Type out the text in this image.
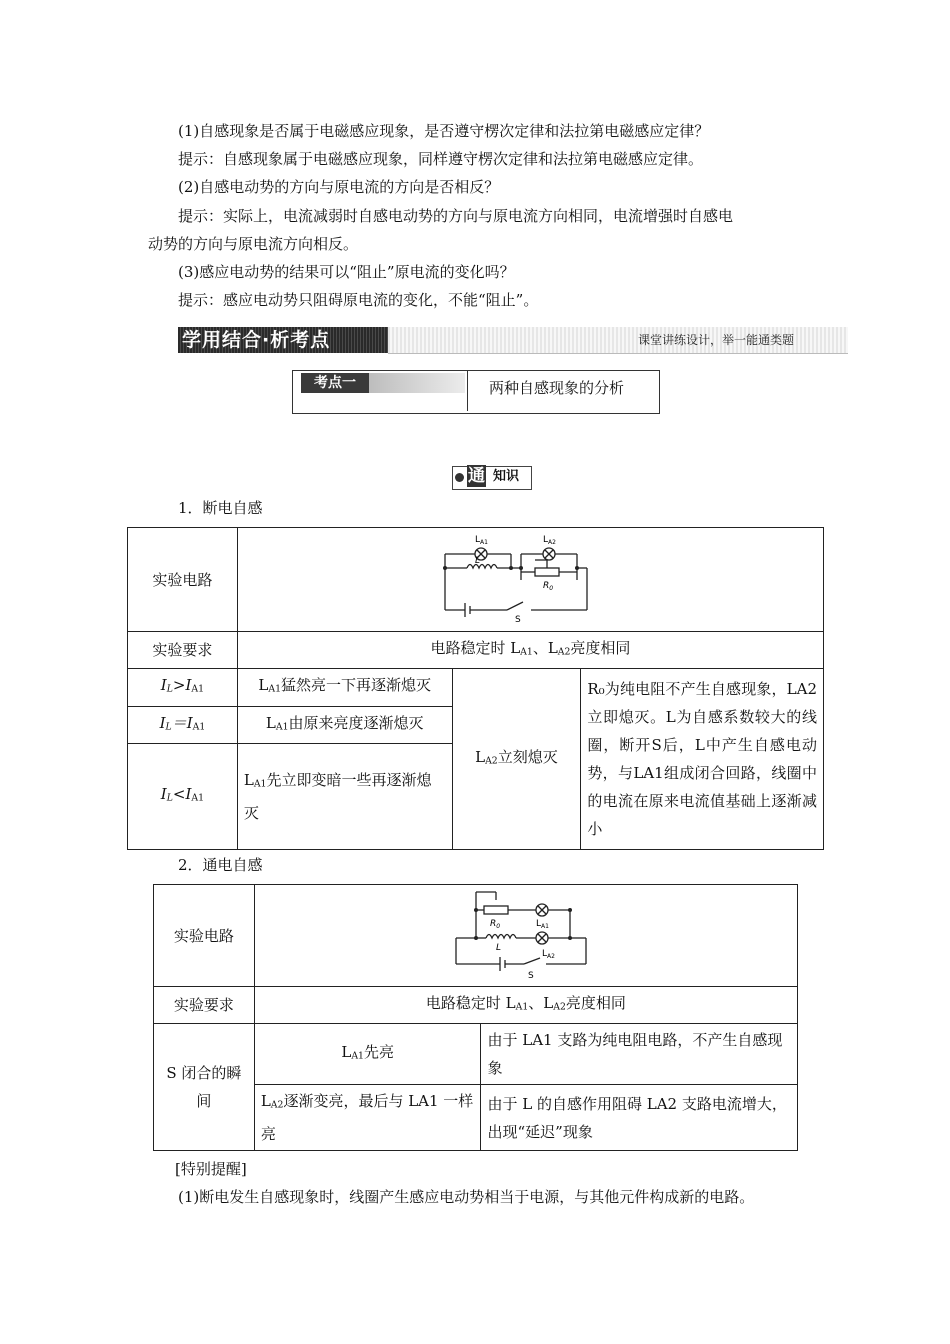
(1)自感现象是否属于电磁感应现象，是否遵守楞次定律和法拉第电磁感应定律？
提示：自感现象属于电磁感应现象，同样遵守楞次定律和法拉第电磁感应定律。
(2)自感电动势的方向与原电流的方向是否相反？
提示：实际上，电流减弱时自感电动势的方向与原电流方向相同，电流增强时自感电
动势的方向与原电流方向相反。
(3)感应电动势的结果可以“阻止”原电流的变化吗？
提示：感应电动势只阻碍原电流的变化，不能“阻止”。
学用结合·析考点	课堂讲练设计，举一能通类题
考点一	两种自感现象的分析
通 知识
1．断电自感
实验电路	$L_{A1}$ $L_{A2}$
L
$R_0$
S		

实验要求	电路稳定时 LA1、LA2亮度相同		
IL>IA1	LA1猛然亮一下再逐渐熄灭	LA2立刻熄灭	R₀为纯电阻不产生自感现象，LA2立即熄灭。L为自感系数较大的线圈，断开S后，L中产生自感电动势，与LA1组成闭合回路，线圈中的电流在原来电流值基础上逐渐减小
IL＝IA1	LA1由原来亮度逐渐熄灭		
IL<IA1	LA1先立即变暗一些再逐渐熄灭		
2．通电自感
实验电路	$R_0$ $L_{A1}$
L
$L_{A2}$
S	

实验要求	电路稳定时 LA1、LA2亮度相同	
S 闭合的瞬间	LA1先亮	由于 LA1 支路为纯电阻电路，不产生自感现象
	LA2逐渐变亮，最后与 LA1 一样亮	由于 L 的自感作用阻碍 LA2 支路电流增大，出现“延迟”现象
[特别提醒]
(1)断电发生自感现象时，线圈产生感应电动势相当于电源，与其他元件构成新的电路。
